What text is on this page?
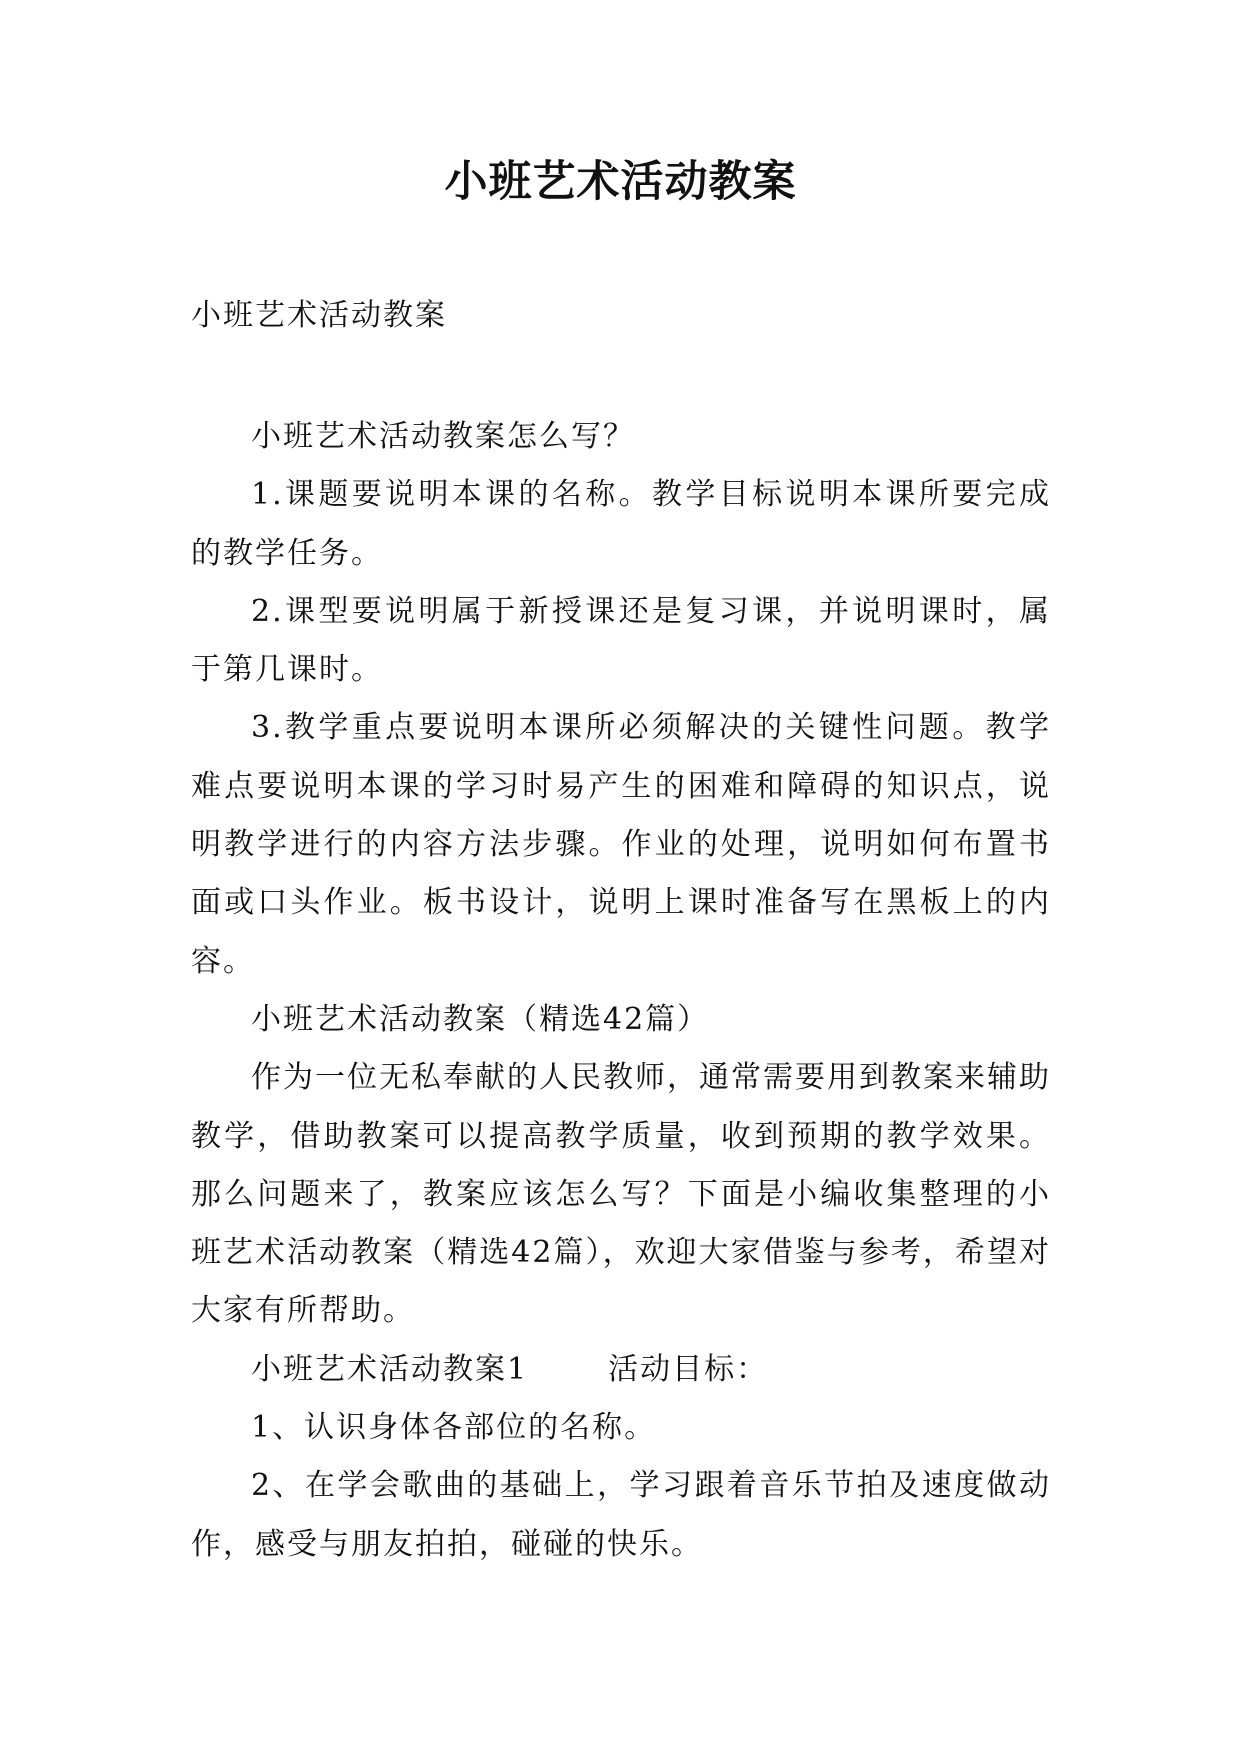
小班艺术活动教案
小班艺术活动教案

小班艺术活动教案怎么写？

1.课题要说明本课的名称。教学目标说明本课所要完成的教学任务。

2.课型要说明属于新授课还是复习课，并说明课时，属于第几课时。

3.教学重点要说明本课所必须解决的关键性问题。教学难点要说明本课的学习时易产生的困难和障碍的知识点，说明教学进行的内容方法步骤。作业的处理，说明如何布置书面或口头作业。板书设计，说明上课时准备写在黑板上的内容。

小班艺术活动教案（精选42篇）

作为一位无私奉献的人民教师，通常需要用到教案来辅助教学，借助教案可以提高教学质量，收到预期的教学效果。那么问题来了，教案应该怎么写？下面是小编收集整理的小班艺术活动教案（精选42篇），欢迎大家借鉴与参考，希望对大家有所帮助。

小班艺术活动教案1	活动目标：

1、认识身体各部位的名称。

2、在学会歌曲的基础上，学习跟着音乐节拍及速度做动作，感受与朋友拍拍，碰碰的快乐。
